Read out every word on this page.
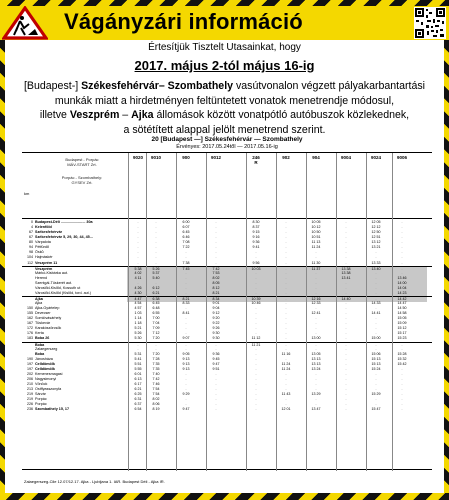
Vágányzári információ
Értesítjük Tisztelt Utasainkat, hogy
2017. május 2-tól május 16-ig
[Budapest-] Székesfehérvár– Szombathely vasútvonalon végzett pályakarbantartási
munkák miatt a hirdetményen feltüntetett vonatok menetrendje módosul,
illetve Veszprém – Ajka állomások között vonatpótló autóbuszok közlekednek,
a sötétített alappal jelölt menetrend szerint.
20 [Budapest —] Székesfehérvár — Szombathely
Érvényes: 2017.05.24től — 2017.05.16-ig
Budapest - Porpác
MÁV-START Zrt.
Porpác - Szombathely:
GYSEV Zrt.
km
9020	9010	900	9012	246
R
902	904	9004	9024	9006
0 Budapest-Déli ........................ 30a	..	..	6 00	..	8 30	..	10 05	..	12 05	..
4 Kelenföld	..	..	6 07	..	8 37	..	10 12	..	12 12	..
67 Székesfehérvár	..	..	6 45	..	9 15	..	10 50	..	12 50	..
67 Székesfehérvár 5, 29, 30, 44, 45...	..	..	6 46	..	9 16	..	10 51	..	12 51	..
80 Várpalota	..	..	7 08	..	9 36	..	11 13	..	13 12	..
94 Pétfürdő	..	..	7 22	..	9 41	..	11 24	..	13 21	..
98 Ösků	..	..	..	..	..	..	..	..	..	..
104 Hajmáskér	..	..	..	..	..	..	..	..	..	..
112 Veszprém 11	..	..	7 38	..	9 56	..	11 30	..	13 33	..
Veszprém	5 38	5 26	7 45	7 42	10 03	..	11 37	13 38	13 40	..
Márkó-Kisbárka aut.	4 02	5 37	..	7 53	..	..	..	13 38	..	..
Herend	4 11	5 40	..	8 02	..	..	..	13 41	..	13 46
Szentgál-Tüskerét aut.	..	..	..	8 05	..	..	..	..	..	14 00
Városlőd-Kislőd, Kossuth ut	4 26	6 12	..	8 12	..	..	..	..	..	14 04
Városlőd-Kislőd (Kislőd, tord. aut.)	4 30	6 21	..	8 21	..	..	..	..	..	14 23
Ajka	4 47	6 38	8 21	8 34	10 39	..	12 16	14 40	..	14 42
Ajka	4 54	6 45	8 33	9 01	10 46	..	12 33	..	14 33	14 47
150 Ajka-Gyártelep	4 57	6 48	..	9 04	..	..	..	..	..	14 50
155 Devecser	1 03	6 55	8 41	9 12	..	..	12 41	..	14 41	14 58
162 Somlóvásárhely	1 14	7 00	..	9 20	..	..	..	..	..	15 05
167 Tüskevár	1 18	7 04	..	9 22	..	..	..	..	..	15 09
172 Karakószörcsök	5 21	7 09	..	9 26	..	..	..	..	..	15 12
176 Kerta	5 26	7 12	..	9 30	..	..	..	..	..	15 17
183 Boba 26	5 30	7 20	9 07	9 30	11 12	..	13 00	..	15 00	15 23
Boba	..	..	..	..	11 21	..	..	..	..	..
Zalaegerszeg	..	..	..	..	..	..	..	..	..	..
Boba	5 31	7 20	9 05	9 36	..	11 16	13 05	..	15 06	15 28
190 Jánosháza	5 41	7 28	9 13	9 45	..	..	13 13	..	15 13	15 32
197 Celldömölk	5 51	7 35	9 13	9 47	..	11 24	13 13	..	15 13	15 42
197 Celldömölk	5 55	7 35	9 13	9 51	..	11 24	13 24	..	15 24	..
202 Kemenesmagasi	6 01	7 40	..	..	..	..	..	..	..	..
206 Nagysimonyi	6 13	7 42	..	..	..	..	..	..	..	..
210 Vönöck	6 17	7 46	..	..	..	..	..	..	..	..
213 Ostffyasszonyfa	6 21	7 54	..	..	..	..	..	..	..	..
219 Sárvár	6 25	7 54	9 29	..	..	11 43	13 29	..	15 29	..
219 Porpác	6 31	8 02	..	..	..	..	..	..	..	..
226 Porpác	6 37	8 06	..	..	..	..	..	..	..	..
236 Szombathely 15, 17	6 54	8 19	9 47	..	..	12 01	13 47	..	15 47	..
Zalaegerszeg-Cile 12.07/12.17. Ajka - Ljubljana 1. IAR. Budapest Déli - Ajka IR.
